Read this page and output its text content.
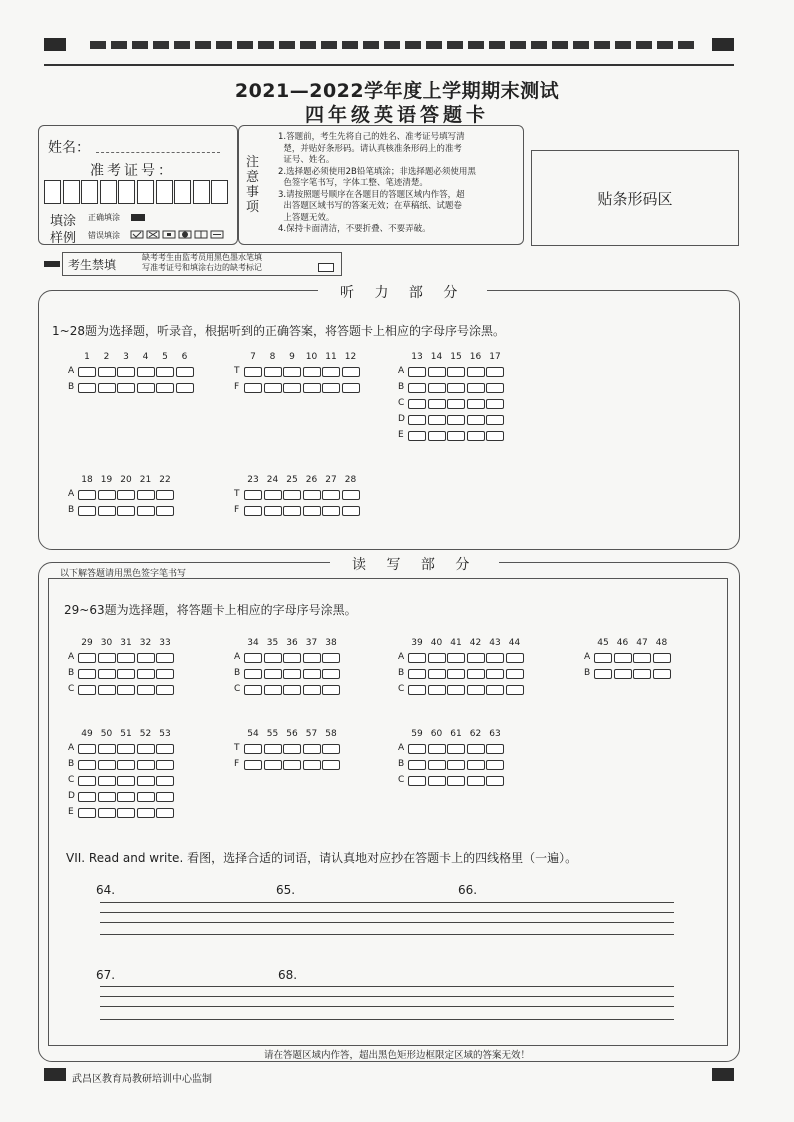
2021—2022学年度上学期期末测试
四年级英语答题卡
姓名：
准考证号：
填涂
样例
正确填涂
错误填涂
注
意
事
项
1.答题前，考生先将自己的姓名、准考证号填写清
楚，并贴好条形码。请认真核准条形码上的准考
证号、姓名。
2.选择题必须使用2B铅笔填涂；非选择题必须使用黑
色签字笔书写，字体工整、笔迹清楚。
3.请按照题号顺序在各题目的答题区域内作答，超
出答题区域书写的答案无效；在草稿纸、试题卷
上答题无效。
4.保持卡面清洁，不要折叠、不要弄破。
贴条形码区
考生禁填
缺考考生由监考员用黑色墨水笔填
写准考证号和填涂右边的缺考标记
听 力 部 分
1~28题为选择题，听录音，根据听到的正确答案，将答题卡上相应的字母序号涂黑。
读 写 部 分
以下解答题请用黑色签字笔书写
29~63题为选择题，将答题卡上相应的字母序号涂黑。
1	2	3	4	5	6
A
B
7	8	9	10 11 12
T
F
13 14 15 16 17
A
B
C
D
E
18 19 20 21 22
A
B
23 24 25 26 27 28
T
F
29 30 31 32 33
A
B
C
34 35 36 37 38
A
B
C
39 40 41 42 43 44
A
B
C
45 46 47 48
A
B
49 50 51 52 53
A
B
C
D
E
54 55 56 57 58
T
F
59 60 61 62 63
A
B
C
VII. Read and write. 看图，选择合适的词语，请认真地对应抄在答题卡上的四线格里（一遍）。
64.	65.	66.
67.	68.
请在答题区域内作答，超出黑色矩形边框限定区域的答案无效！
武昌区教育局教研培训中心监制
